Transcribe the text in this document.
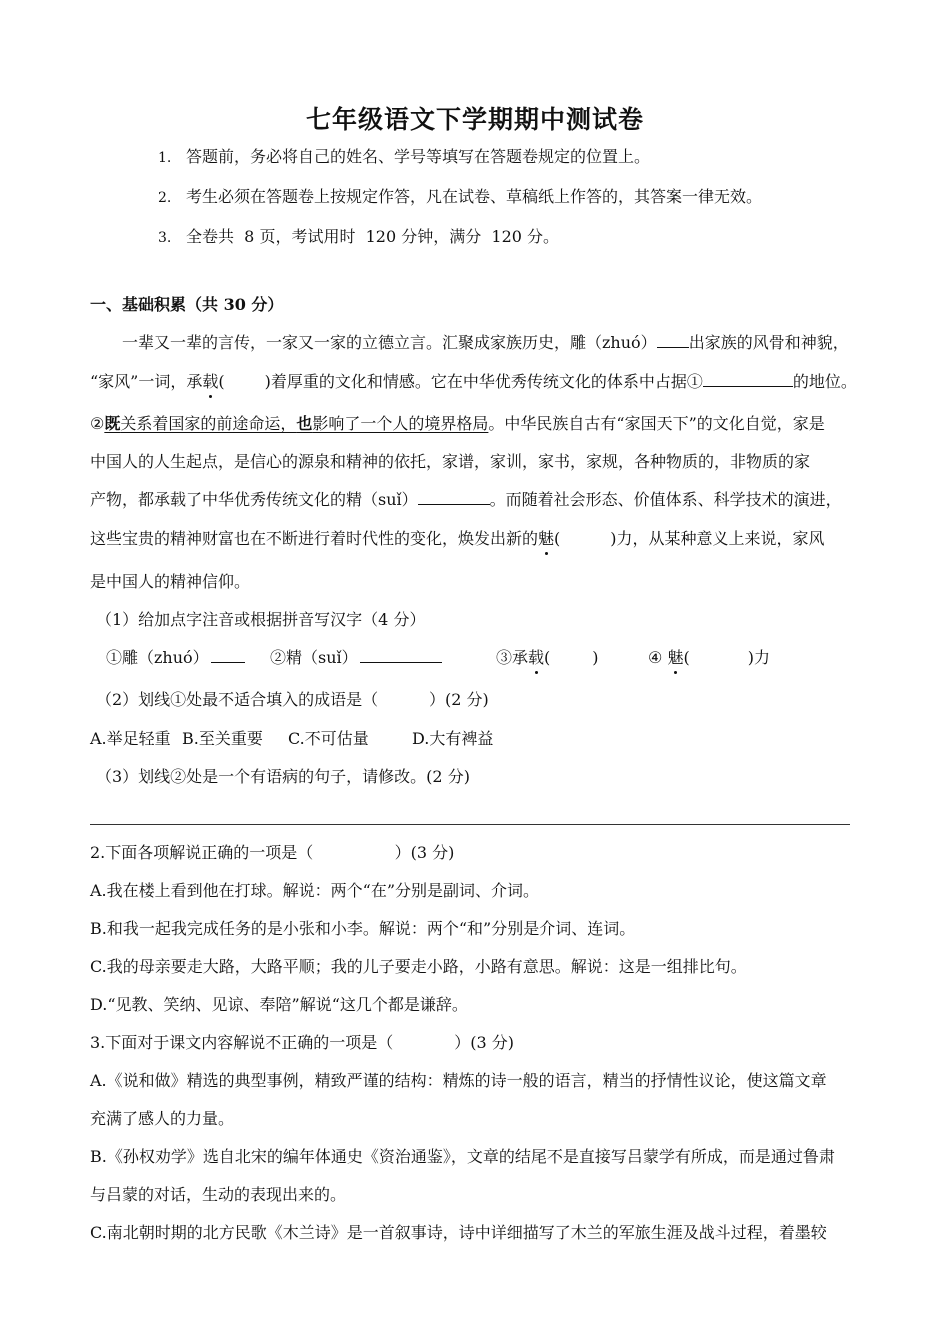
七年级语文下学期期中测试卷
1. 答题前，务必将自己的姓名、学号等填写在答题卷规定的位置上。
2. 考生必须在答题卷上按规定作答，凡在试卷、草稿纸上作答的，其答案一律无效。
3. 全卷共  8 页，考试用时  120 分钟，满分  120 分。
一、基础积累（共 30 分）
一辈又一辈的言传，一家又一家的立德立言。汇聚成家族历史，雕（zhuó） 出家族的风骨和神貌，
“家风”一词，承载(	)着厚重的文化和情感。它在中华优秀传统文化的体系中占据①	的地位。
②既关系着国家的前途命运，也影响了一个人的境界格局。中华民族自古有“家国天下”的文化自觉，家是
中国人的人生起点，是信心的源泉和精神的依托，家谱，家训，家书，家规，各种物质的，非物质的家
产物，都承载了中华优秀传统文化的精（suǐ）	。而随着社会形态、价值体系、科学技术的演进，
这些宝贵的精神财富也在不断进行着时代性的变化，焕发出新的魅(	)力，从某种意义上来说，家风
是中国人的精神信仰。
（1）给加点字注音或根据拼音写汉字（4 分）
①雕（zhuó）	②精（suǐ）	③承载(	)	④ 魅(	)力
（2）划线①处最不适合填入的成语是（          ）(2 分)
A.举足轻重 B.至关重要 C.不可估量	D.大有裨益
（3）划线②处是一个有语病的句子，请修改。(2 分)
2.下面各项解说正确的一项是（                ）(3 分)
A.我在楼上看到他在打球。解说：两个“在”分别是副词、介词。
B.和我一起我完成任务的是小张和小李。解说：两个“和”分别是介词、连词。
C.我的母亲要走大路，大路平顺；我的儿子要走小路，小路有意思。解说：这是一组排比句。
D.“见教、笑纳、见谅、奉陪”解说“这几个都是谦辞。
3.下面对于课文内容解说不正确的一项是（            ）(3 分)
A.《说和做》精选的典型事例，精致严谨的结构：精炼的诗一般的语言，精当的抒情性议论，使这篇文章
充满了感人的力量。
B.《孙权劝学》选自北宋的编年体通史《资治通鉴》，文章的结尾不是直接写吕蒙学有所成，而是通过鲁肃
与吕蒙的对话，生动的表现出来的。
C.南北朝时期的北方民歌《木兰诗》是一首叙事诗，诗中详细描写了木兰的军旅生涯及战斗过程，着墨较
